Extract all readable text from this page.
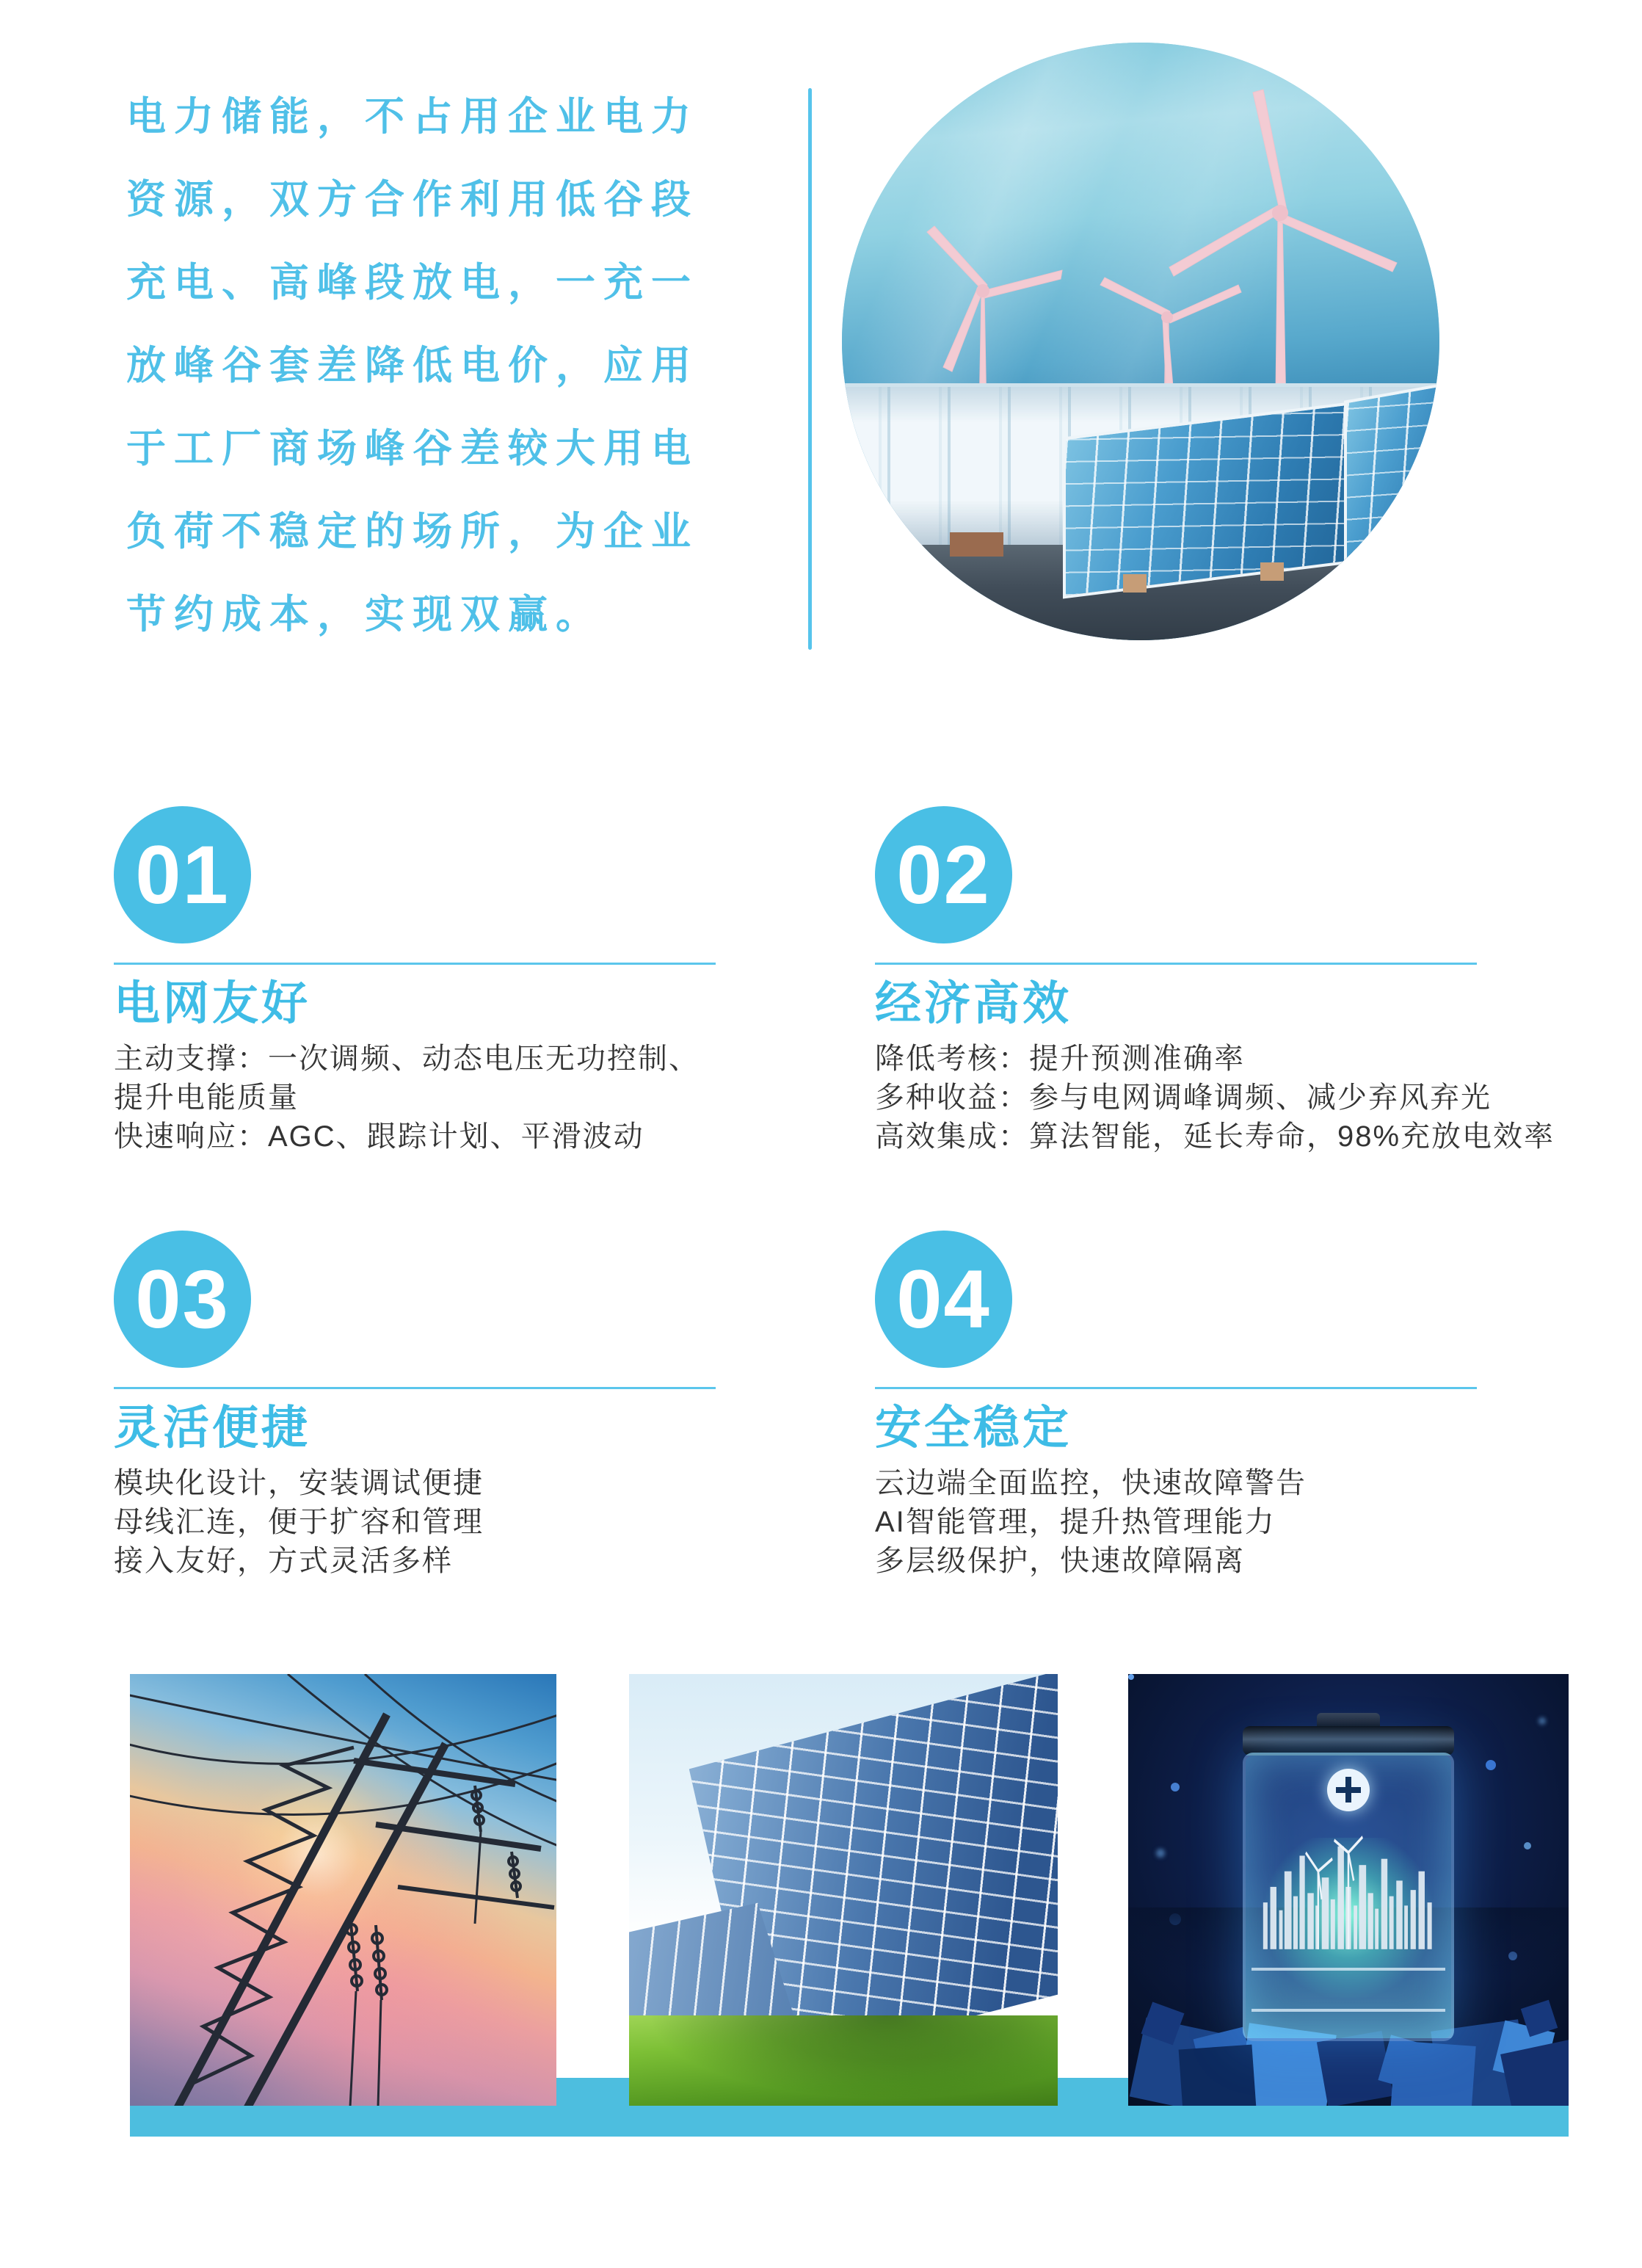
电力储能，不占用企业电力
资源，双方合作利用低谷段
充电、高峰段放电，一充一
放峰谷套差降低电价，应用
于工厂商场峰谷差较大用电
负荷不稳定的场所，为企业
节约成本，实现双赢。
01
电网友好

主动支撑：一次调频、动态电压无功控制、

提升电能质量

快速响应：AGC、跟踪计划、平滑波动

02
经济高效

降低考核：提升预测准确率

多种收益：参与电网调峰调频、减少弃风弃光

高效集成：算法智能，延长寿命，98%充放电效率

03
灵活便捷

模块化设计，安装调试便捷

母线汇连，便于扩容和管理

接入友好，方式灵活多样

04
安全稳定

云边端全面监控，快速故障警告

AI智能管理，提升热管理能力

多层级保护，快速故障隔离
